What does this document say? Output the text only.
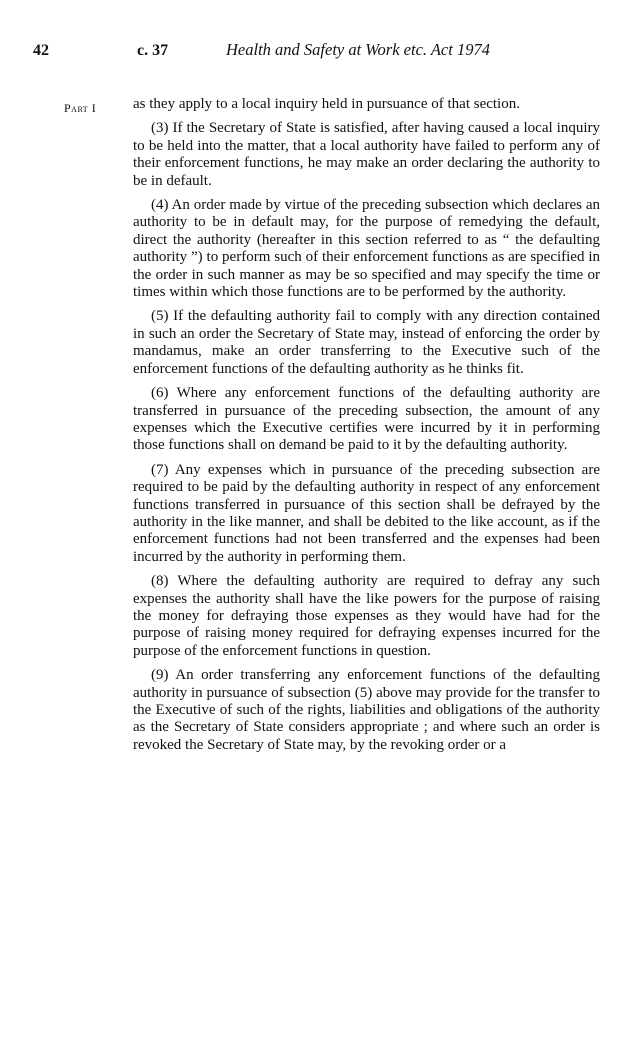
42	c. 37	Health and Safety at Work etc. Act 1974
Part I as they apply to a local inquiry held in pursuance of that section.

(3) If the Secretary of State is satisfied, after having caused a local inquiry to be held into the matter, that a local authority have failed to perform any of their enforcement functions, he may make an order declaring the authority to be in default.

(4) An order made by virtue of the preceding subsection which declares an authority to be in default may, for the purpose of remedying the default, direct the authority (hereafter in this section referred to as “ the defaulting authority ”) to perform such of their enforcement functions as are specified in the order in such manner as may be so specified and may specify the time or times within which those functions are to be performed by the authority.

(5) If the defaulting authority fail to comply with any direction contained in such an order the Secretary of State may, instead of enforcing the order by mandamus, make an order transferring to the Executive such of the enforcement functions of the defaulting authority as he thinks fit.

(6) Where any enforcement functions of the defaulting authority are transferred in pursuance of the preceding subsection, the amount of any expenses which the Executive certifies were incurred by it in performing those functions shall on demand be paid to it by the defaulting authority.

(7) Any expenses which in pursuance of the preceding subsection are required to be paid by the defaulting authority in respect of any enforcement functions transferred in pursuance of this section shall be defrayed by the authority in the like manner, and shall be debited to the like account, as if the enforcement functions had not been transferred and the expenses had been incurred by the authority in performing them.

(8) Where the defaulting authority are required to defray any such expenses the authority shall have the like powers for the purpose of raising the money for defraying those expenses as they would have had for the purpose of raising money required for defraying expenses incurred for the purpose of the enforcement functions in question.

(9) An order transferring any enforcement functions of the defaulting authority in pursuance of subsection (5) above may provide for the transfer to the Executive of such of the rights, liabilities and obligations of the authority as the Secretary of State considers appropriate ; and where such an order is revoked the Secretary of State may, by the revoking order or a
